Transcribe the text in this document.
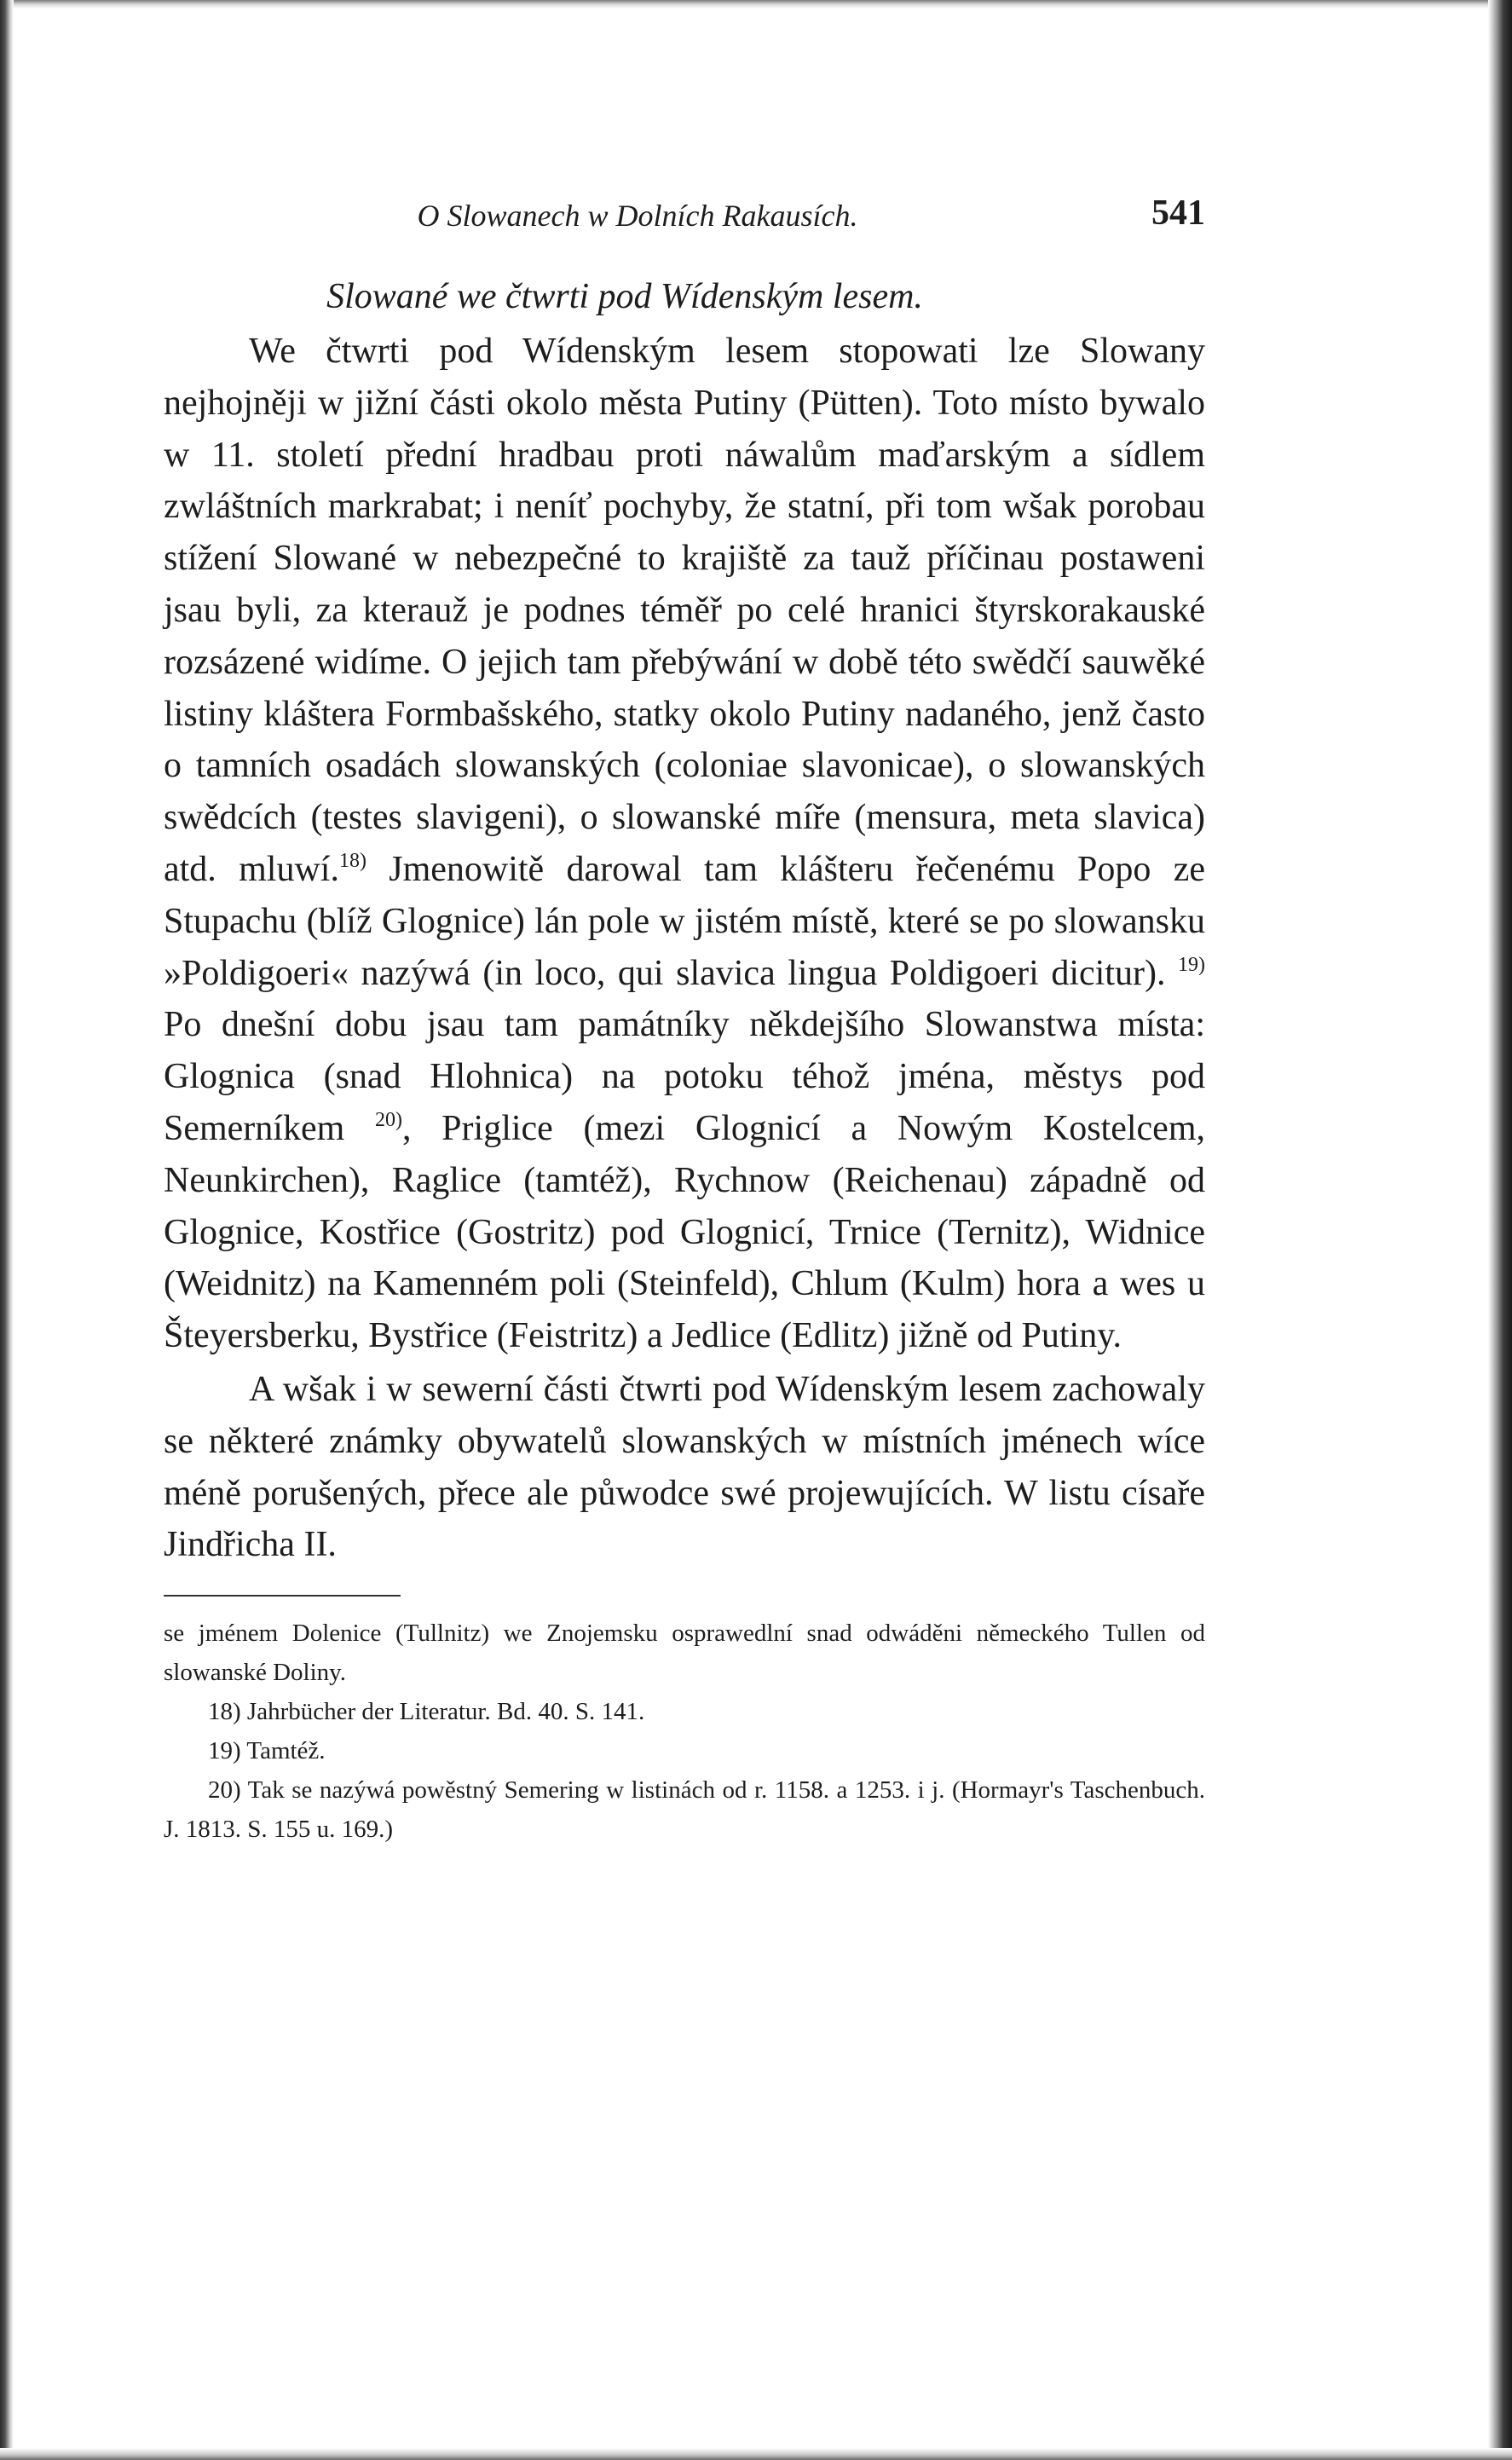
O Slowanech w Dolních Rakausích.	541
Slowané we čtwrti pod Wídenským lesem.

We čtwrti pod Wídenským lesem stopowati lze Slowany nejhojněji w jižní části okolo města Putiny (Pütten). Toto místo bywalo w 11. století přední hradbau proti náwalům maďarským a sídlem zwláštních markrabat; i neníť pochyby, že statní, při tom wšak porobau stížení Slowané w nebezpečné to krajiště za tauž příčinau postaweni jsau byli, za kterauž je podnes téměř po celé hranici štyrskorakauské rozsázené widíme. O jejich tam přebýwání w době této swědčí sauwěké listiny kláštera Formbašského, statky okolo Putiny nadaného, jenž často o tamních osadách slowanských (coloniae slavonicae), o slowanských swědcích (testes slavigeni), o slowanské míře (mensura, meta slavica) atd. mluwí.$^{18)}$ Jmenowitě darowal tam klášteru řečenému Popo ze Stupachu (blíž Glognice) lán pole w jistém místě, které se po slowansku »Poldigoeri« nazýwá (in loco, qui slavica lingua Poldigoeri dicitur). $^{19)}$ Po dnešní dobu jsau tam památníky někdejšího Slowanstwa místa: Glognica (snad Hlohnica) na potoku téhož jména, městys pod Semerníkem $^{20)}$, Priglice (mezi Glognicí a Nowým Kostelcem, Neunkirchen), Raglice (tamtéž), Rychnow (Reichenau) západně od Glognice, Kostřice (Gostritz) pod Glognicí, Trnice (Ternitz), Widnice (Weidnitz) na Kamenném poli (Steinfeld), Chlum (Kulm) hora a wes u Šteyersberku, Bystřice (Feistritz) a Jedlice (Edlitz) jižně od Putiny.

A wšak i w sewerní části čtwrti pod Wídenským lesem zachowaly se některé známky obywatelů slowanských w místních jménech wíce méně porušených, přece ale půwodce swé projewujících. W listu císaře Jindřicha II.

se jménem Dolenice (Tullnitz) we Znojemsku osprawedlní snad odwáděni německého Tullen od slowanské Doliny.

18) Jahrbücher der Literatur. Bd. 40. S. 141.

19) Tamtéž.

20) Tak se nazýwá powěstný Semering w listinách od r. 1158. a 1253. i j. (Hormayr's Taschenbuch. J. 1813. S. 155 u. 169.)
